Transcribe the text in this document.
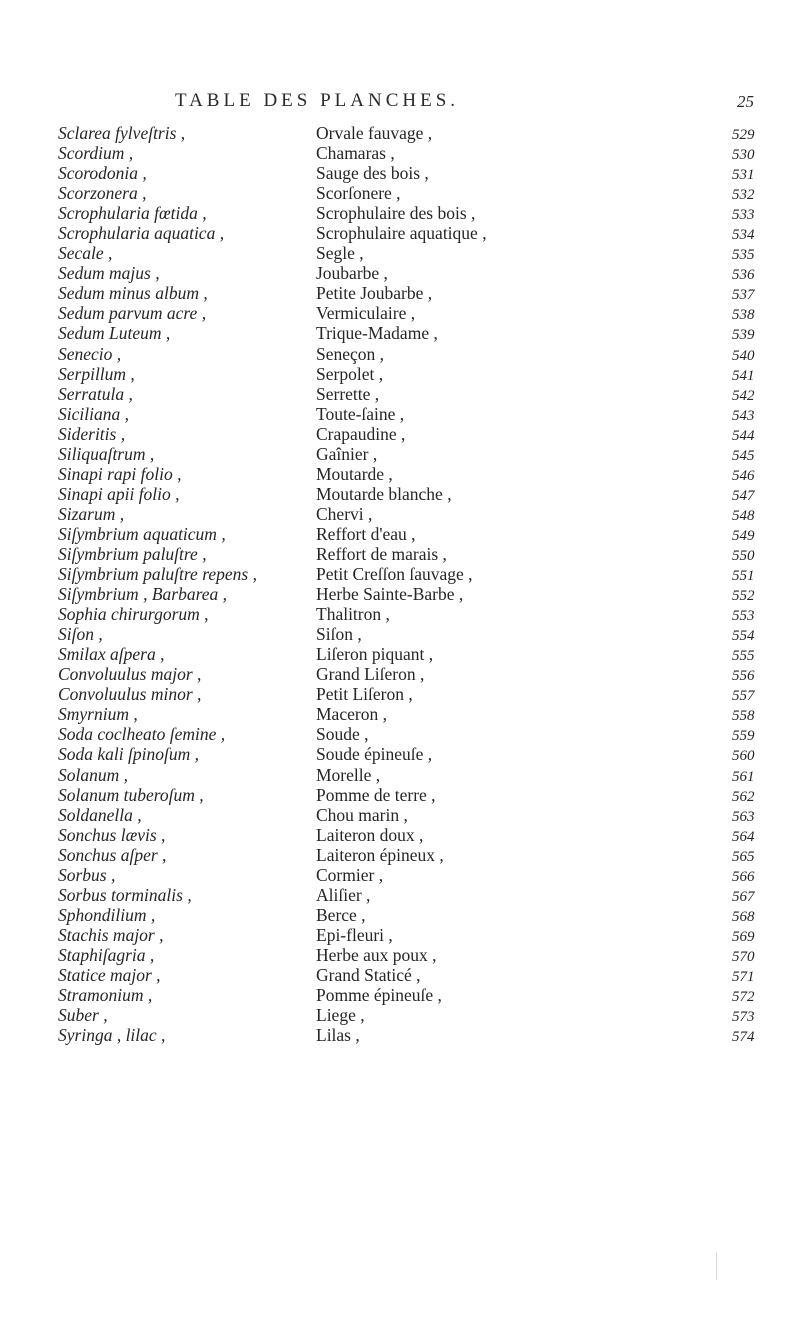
TABLE DES PLANCHES.	25
Sclarea fylveſtris ,	Orvale fauvage ,	529
Scordium ,	Chamaras ,	530
Scorodonia ,	Sauge des bois ,	531
Scorzonera ,	Scorſonere ,	532
Scrophularia fœtida ,	Scrophulaire des bois ,	533
Scrophularia aquatica ,	Scrophulaire aquatique ,	534
Secale ,	Segle ,	535
Sedum majus ,	Joubarbe ,	536
Sedum minus album ,	Petite Joubarbe ,	537
Sedum parvum acre ,	Vermiculaire ,	538
Sedum Luteum ,	Trique-Madame ,	539
Senecio ,	Seneçon ,	540
Serpillum ,	Serpolet ,	541
Serratula ,	Serrette ,	542
Siciliana ,	Toute-ſaine ,	543
Sideritis ,	Crapaudine ,	544
Siliquaſtrum ,	Gaînier ,	545
Sinapi rapi folio ,	Moutarde ,	546
Sinapi apii folio ,	Moutarde blanche ,	547
Sizarum ,	Chervi ,	548
Siſymbrium aquaticum ,	Reffort d'eau ,	549
Siſymbrium paluſtre ,	Reffort de marais ,	550
Siſymbrium paluſtre repens ,	Petit Creſſon ſauvage ,	551
Siſymbrium , Barbarea ,	Herbe Sainte-Barbe ,	552
Sophia chirurgorum ,	Thalitron ,	553
Siſon ,	Siſon ,	554
Smilax aſpera ,	Liſeron piquant ,	555
Convoluulus major ,	Grand Liſeron ,	556
Convoluulus minor ,	Petit Liſeron ,	557
Smyrnium ,	Maceron ,	558
Soda coclheato ſemine ,	Soude ,	559
Soda kali ſpinoſum ,	Soude épineuſe ,	560
Solanum ,	Morelle ,	561
Solanum tuberoſum ,	Pomme de terre ,	562
Soldanella ,	Chou marin ,	563
Sonchus lævis ,	Laiteron doux ,	564
Sonchus aſper ,	Laiteron épineux ,	565
Sorbus ,	Cormier ,	566
Sorbus torminalis ,	Aliſier ,	567
Sphondilium ,	Berce ,	568
Stachis major ,	Epi-fleuri ,	569
Staphiſagria ,	Herbe aux poux ,	570
Statice major ,	Grand Staticé ,	571
Stramonium ,	Pomme épineuſe ,	572
Suber ,	Liege ,	573
Syringa , lilac ,	Lilas ,	574
